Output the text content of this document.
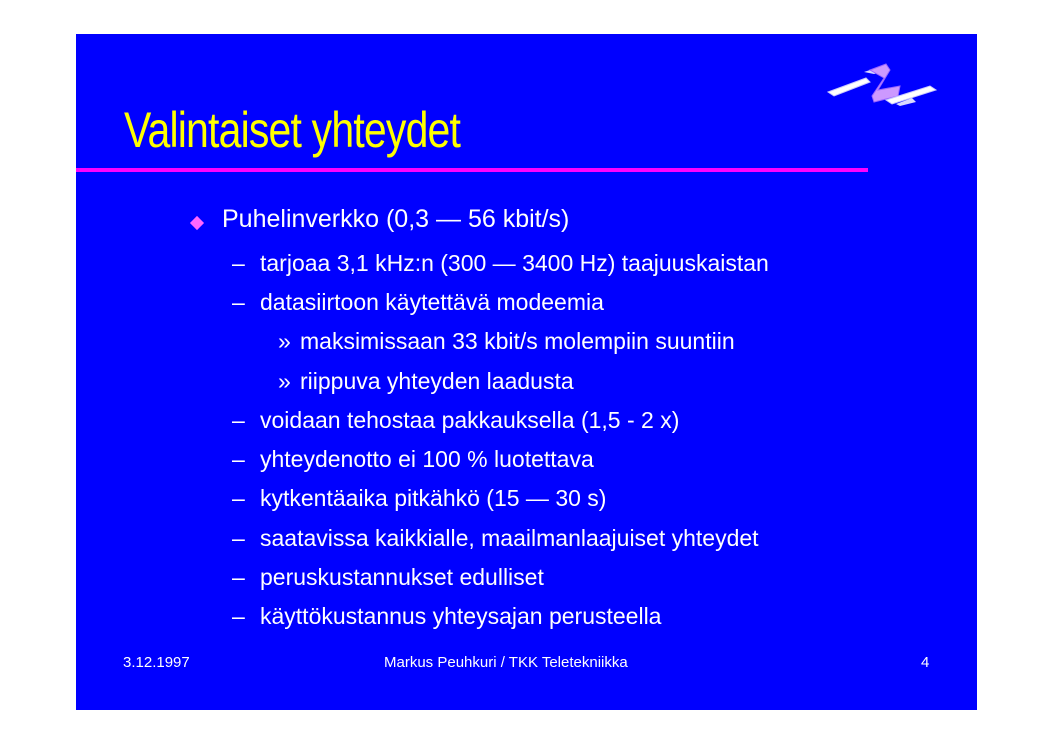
Valintaiset yhteydet
Puhelinverkko (0,3 — 56 kbit/s)
– tarjoaa 3,1 kHz:n (300 — 3400 Hz) taajuuskaistan
– datasiirtoon käytettävä modeemia
» maksimissaan 33 kbit/s molempiin suuntiin
» riippuva yhteyden laadusta
– voidaan tehostaa pakkauksella (1,5 - 2 x)
– yhteydenotto ei 100 % luotettava
– kytkentäaika pitkähkö (15 — 30 s)
– saatavissa kaikkialle, maailmanlaajuiset yhteydet
– peruskustannukset edulliset
– käyttökustannus yhteysajan perusteella
3.12.1997	Markus Peuhkuri / TKK Teletekniikka	4
